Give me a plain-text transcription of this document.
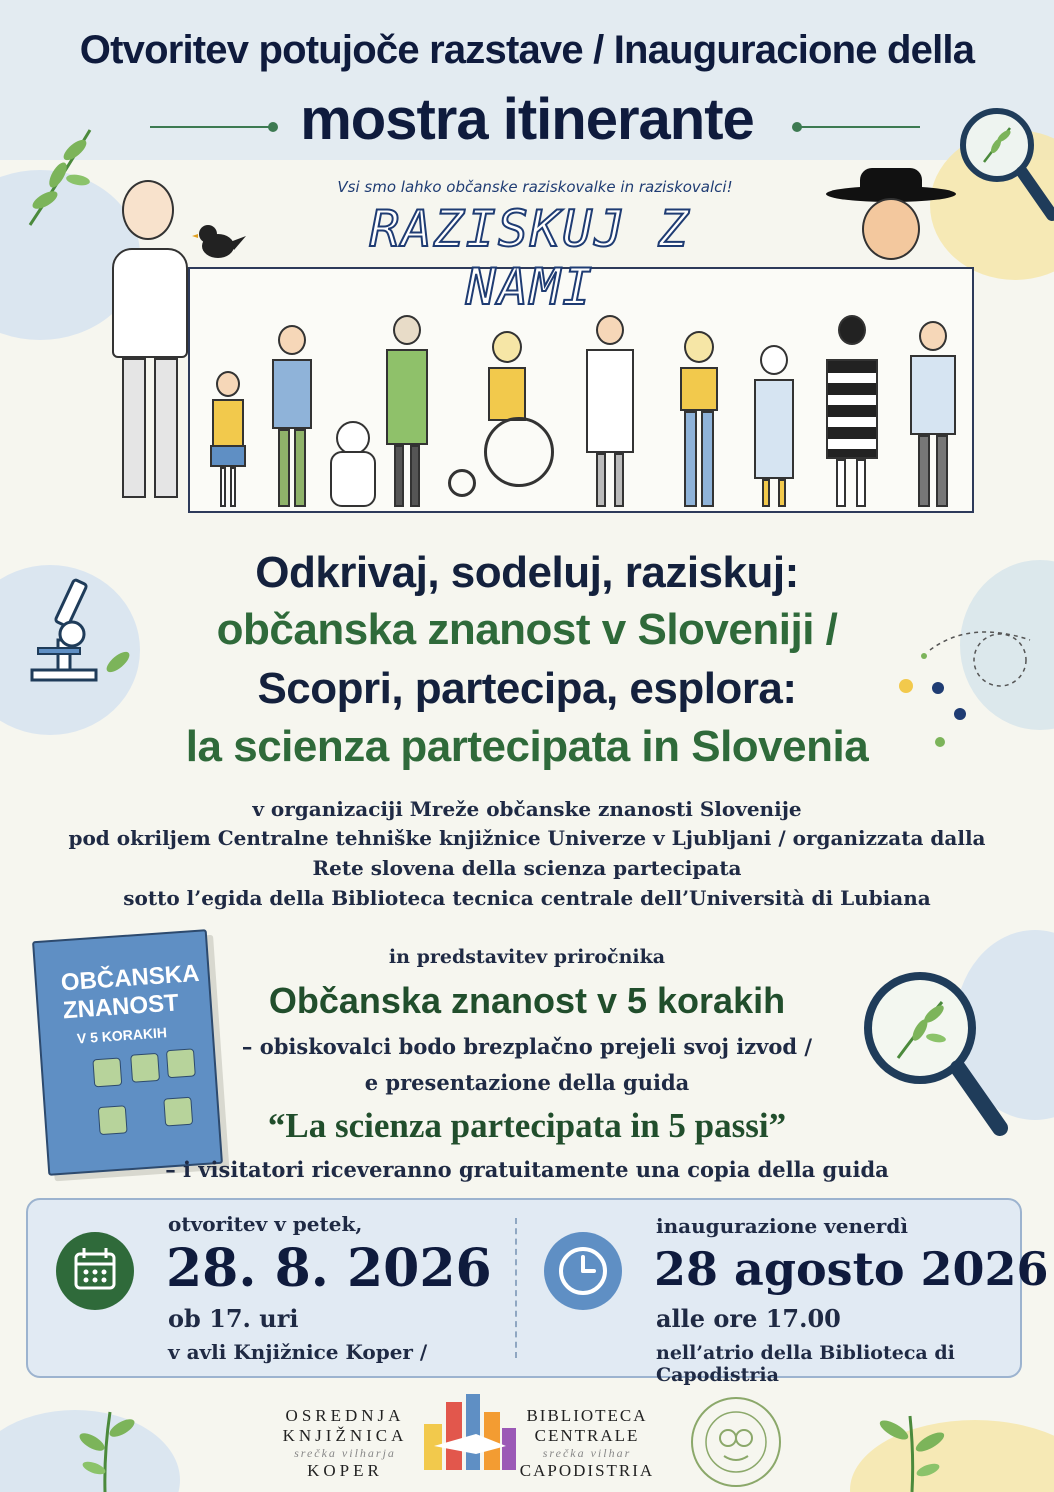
Otvoritev potujoče razstave / Inauguracione della
mostra itinerante
Vsi smo lahko občanske raziskovalke in raziskovalci!
RAZISKUJ Z NAMI
Odkrivaj, sodeluj, raziskuj:
občanska znanost v Sloveniji /
Scopri, partecipa, esplora:
la scienza partecipata in Slovenia
v organizaciji Mreže občanske znanosti Slovenije
pod okriljem Centralne tehniške knjižnice Univerze v Ljubljani / organizzata dalla
Rete slovena della scienza partecipata
sotto l’egida della Biblioteca tecnica centrale dell’Università di Lubiana
OBČANSKA
ZNANOST
V 5 KORAKIH
in predstavitev priročnika
Občanska znanost v 5 korakih
– obiskovalci bodo brezplačno prejeli svoj izvod /
e presentazione della guida
“La scienza partecipata in 5 passi”
– i visitatori riceveranno gratuitamente una copia della guida
otvoritev v petek,
28. 8. 2026
ob 17. uri
v avli Knjižnice Koper /
inaugurazione venerdì
28 agosto 2026
alle ore 17.00
nell’atrio della Biblioteca di Capodistria
OSREDNJA
KNJIŽNICA
srečka vilharja
KOPER
BIBLIOTECA
CENTRALE
srečka vilhar
CAPODISTRIA
